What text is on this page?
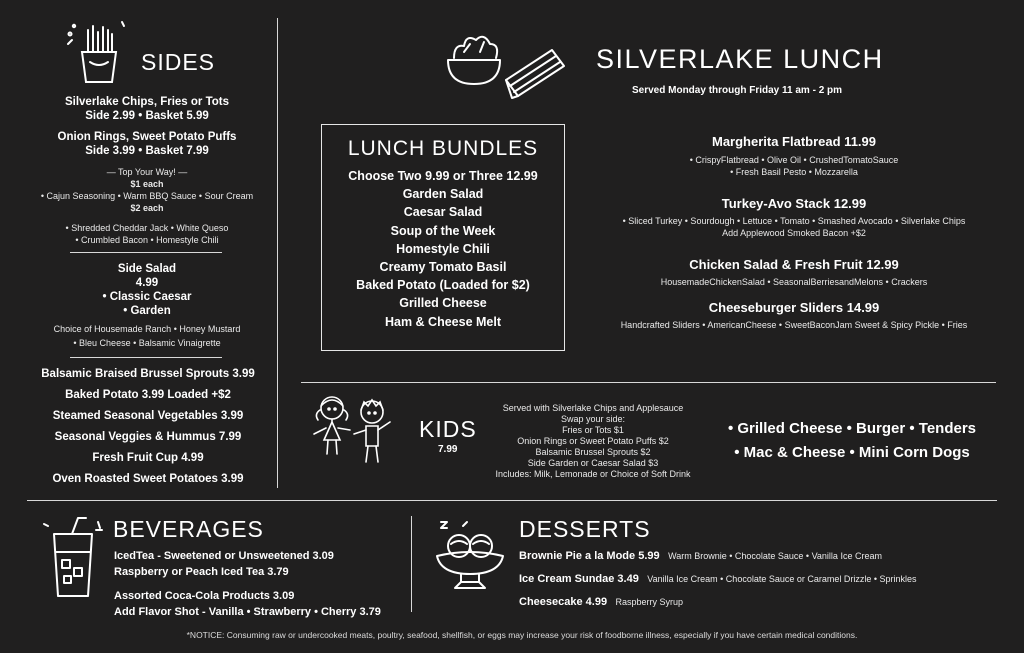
SIDES
Silverlake Chips, Fries or Tots
Side 2.99 • Basket 5.99
Onion Rings, Sweet Potato Puffs
Side 3.99 • Basket 7.99
— Top Your Way! —
$1 each
• Cajun Seasoning • Warm BBQ Sauce • Sour Cream
$2 each
• Shredded Cheddar Jack • White Queso
• Crumbled Bacon • Homestyle Chili
Side Salad
4.99
• Classic Caesar
• Garden
Choice of Housemade Ranch • Honey Mustard
• Bleu Cheese • Balsamic Vinaigrette
Balsamic Braised Brussel Sprouts 3.99
Baked Potato 3.99 Loaded +$2
Steamed Seasonal Vegetables 3.99
Seasonal Veggies & Hummus 7.99
Fresh Fruit Cup 4.99
Oven Roasted Sweet Potatoes 3.99
SILVERLAKE LUNCH
Served Monday through Friday 11 am - 2 pm
LUNCH BUNDLES
Choose Two 9.99 or Three 12.99
Garden Salad
Caesar Salad
Soup of the Week
Homestyle Chili
Creamy Tomato Basil
Baked Potato (Loaded for $2)
Grilled Cheese
Ham & Cheese Melt
Margherita Flatbread 11.99
• CrispyFlatbread • Olive Oil • CrushedTomatoSauce
• Fresh Basil Pesto • Mozzarella
Turkey-Avo Stack 12.99
• Sliced Turkey • Sourdough • Lettuce • Tomato • Smashed Avocado • Silverlake Chips
Add Applewood Smoked Bacon +$2
Chicken Salad & Fresh Fruit 12.99
HousemadeChickenSalad • SeasonalBerriesandMelons • Crackers
Cheeseburger Sliders 14.99
Handcrafted Sliders • AmericanCheese • SweetBaconJam Sweet & Spicy Pickle • Fries
KIDS
7.99
Served with Silverlake Chips and Applesauce
Swap your side:
Fries or Tots $1
Onion Rings or Sweet Potato Puffs $2
Balsamic Brussel Sprouts $2
Side Garden or Caesar Salad $3
Includes: Milk, Lemonade or Choice of Soft Drink
• Grilled Cheese • Burger • Tenders
• Mac & Cheese • Mini Corn Dogs
BEVERAGES
IcedTea - Sweetened or Unsweetened 3.09
Raspberry or Peach Iced Tea 3.79
Assorted Coca-Cola Products 3.09
Add Flavor Shot - Vanilla • Strawberry • Cherry 3.79
DESSERTS
Brownie Pie a la Mode 5.99 Warm Brownie • Chocolate Sauce • Vanilla Ice Cream
Ice Cream Sundae 3.49 Vanilla Ice Cream • Chocolate Sauce or Caramel Drizzle • Sprinkles
Cheesecake 4.99 Raspberry Syrup
*NOTICE: Consuming raw or undercooked meats, poultry, seafood, shellfish, or eggs may increase your risk of foodborne illness, especially if you have certain medical conditions.
